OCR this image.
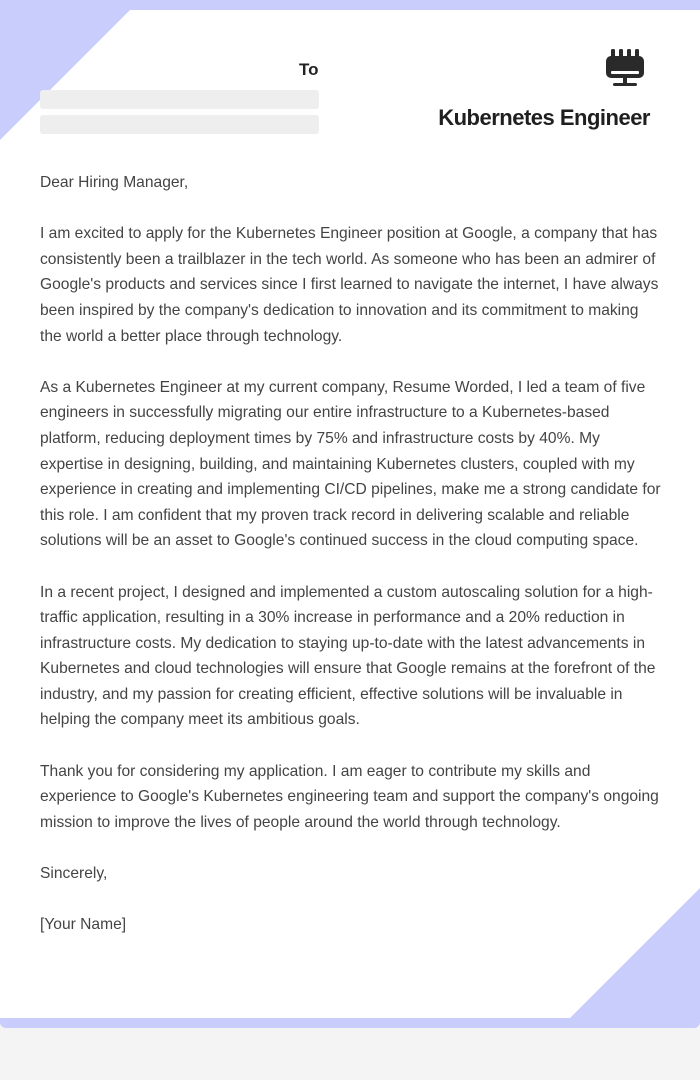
To
Kubernetes Engineer

Dear Hiring Manager,

I am excited to apply for the Kubernetes Engineer position at Google, a company that has consistently been a trailblazer in the tech world. As someone who has been an admirer of Google's products and services since I first learned to navigate the internet, I have always been inspired by the company's dedication to innovation and its commitment to making the world a better place through technology.

As a Kubernetes Engineer at my current company, Resume Worded, I led a team of five engineers in successfully migrating our entire infrastructure to a Kubernetes-based platform, reducing deployment times by 75% and infrastructure costs by 40%. My expertise in designing, building, and maintaining Kubernetes clusters, coupled with my experience in creating and implementing CI/CD pipelines, make me a strong candidate for this role. I am confident that my proven track record in delivering scalable and reliable solutions will be an asset to Google's continued success in the cloud computing space.

In a recent project, I designed and implemented a custom autoscaling solution for a high-traffic application, resulting in a 30% increase in performance and a 20% reduction in infrastructure costs. My dedication to staying up-to-date with the latest advancements in Kubernetes and cloud technologies will ensure that Google remains at the forefront of the industry, and my passion for creating efficient, effective solutions will be invaluable in helping the company meet its ambitious goals.

Thank you for considering my application. I am eager to contribute my skills and experience to Google's Kubernetes engineering team and support the company's ongoing mission to improve the lives of people around the world through technology.

Sincerely,

[Your Name]
